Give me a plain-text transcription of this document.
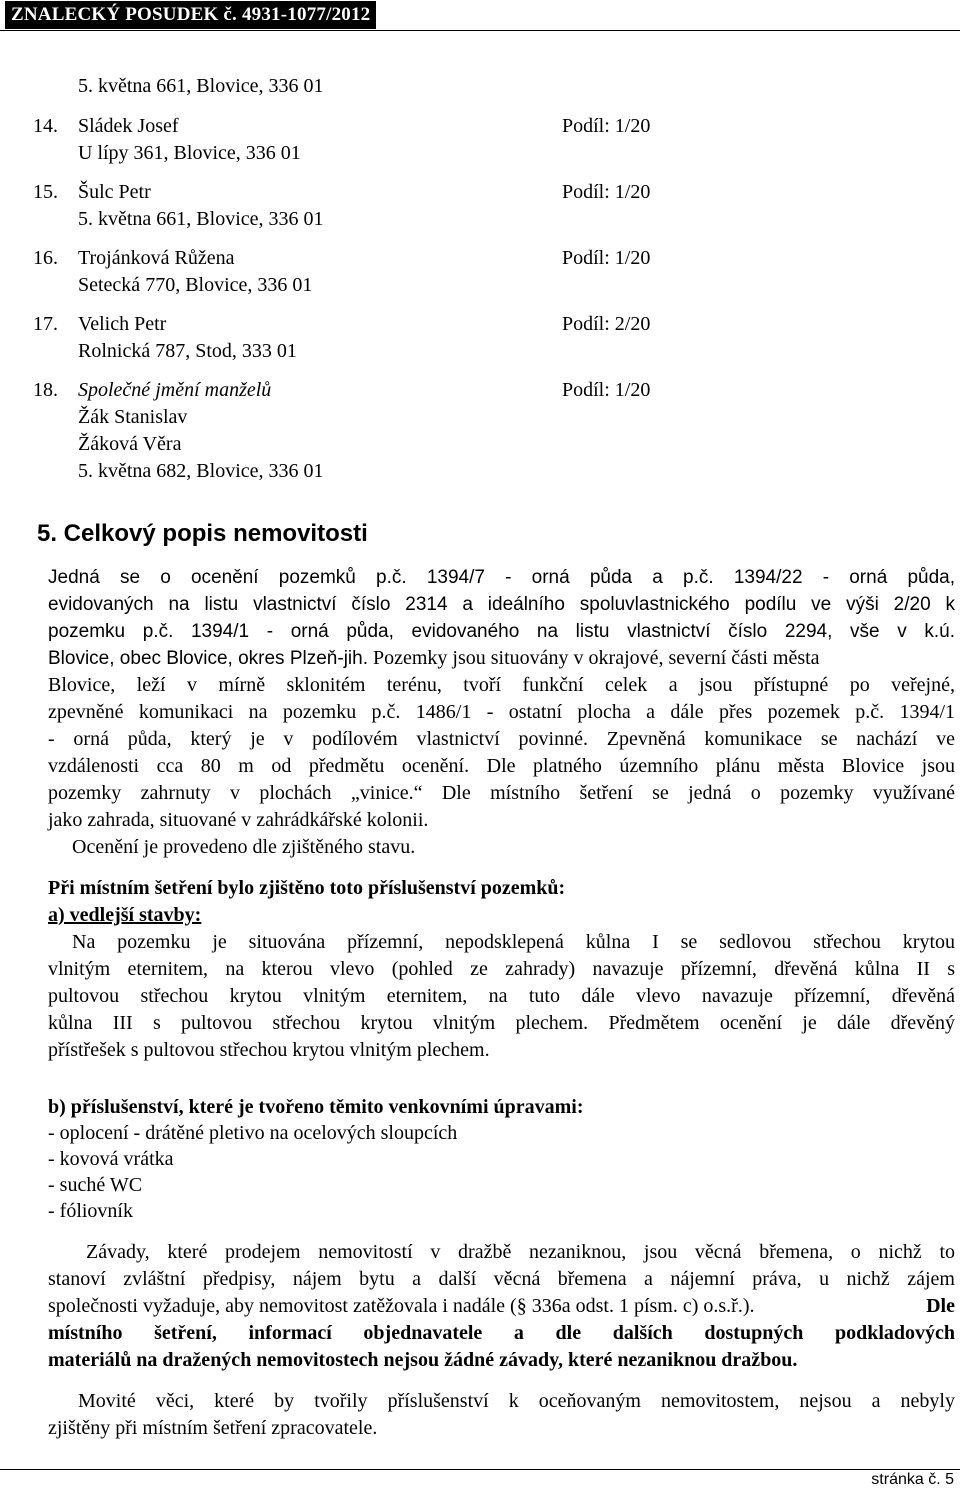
ZNALECKÝ POSUDEK č. 4931-1077/2012
5. května 661, Blovice, 336 01
14. Sládek Josef	Podíl: 1/20
U lípy 361, Blovice, 336 01
15. Šulc Petr	Podíl: 1/20
5. května 661, Blovice, 336 01
16. Trojánková Růžena	Podíl: 1/20
Setecká 770, Blovice, 336 01
17. Velich Petr	Podíl: 2/20
Rolnická 787, Stod, 333 01
18. Společné jmění manželů	Podíl: 1/20
Žák Stanislav
Žáková Věra
5. května 682, Blovice, 336 01
5. Celkový popis nemovitosti
Jedná se o ocenění pozemků p.č. 1394/7 - orná půda a p.č. 1394/22 - orná půda,
evidovaných na listu vlastnictví číslo 2314 a ideálního spoluvlastnického podílu ve výši 2/20 k
pozemku p.č. 1394/1 - orná půda, evidovaného na listu vlastnictví číslo 2294, vše v k.ú.
Blovice, obec Blovice, okres Plzeň-jih. Pozemky jsou situovány v okrajové, severní části města
Blovice, leží v mírně sklonitém terénu, tvoří funkční celek a jsou přístupné po veřejné,
zpevněné komunikaci na pozemku p.č. 1486/1 - ostatní plocha a dále přes pozemek p.č. 1394/1
- orná půda, který je v podílovém vlastnictví povinné. Zpevněná komunikace se nachází ve
vzdálenosti cca 80 m od předmětu ocenění. Dle platného územního plánu města Blovice jsou
pozemky zahrnuty v plochách „vinice.“ Dle místního šetření se jedná o pozemky využívané
jako zahrada, situované v zahrádkářské kolonii.
Ocenění je provedeno dle zjištěného stavu.
Při místním šetření bylo zjištěno toto příslušenství pozemků:
a) vedlejší stavby:
Na pozemku je situována přízemní, nepodsklepená kůlna I se sedlovou střechou krytou
vlnitým eternitem, na kterou vlevo (pohled ze zahrady) navazuje přízemní, dřevěná kůlna II s
pultovou střechou krytou vlnitým eternitem, na tuto dále vlevo navazuje přízemní, dřevěná
kůlna III s pultovou střechou krytou vlnitým plechem. Předmětem ocenění je dále dřevěný
přístřešek s pultovou střechou krytou vlnitým plechem.
b) příslušenství, které je tvořeno těmito venkovními úpravami:
- oplocení - drátěné pletivo na ocelových sloupcích
- kovová vrátka
- suché WC
- fóliovník
Závady, které prodejem nemovitostí v dražbě nezaniknou, jsou věcná břemena, o nichž to
stanoví zvláštní předpisy, nájem bytu a další věcná břemena a nájemní práva, u nichž zájem
společnosti vyžaduje, aby nemovitost zatěžovala i nadále (§ 336a odst. 1 písm. c) o.s.ř.).	Dle
místního šetření, informací objednavatele a dle dalších dostupných podkladových
materiálů na dražených nemovitostech nejsou žádné závady, které nezaniknou dražbou.
Movité věci, které by tvořily příslušenství k oceňovaným nemovitostem, nejsou a nebyly
zjištěny při místním šetření zpracovatele.
stránka č. 5
